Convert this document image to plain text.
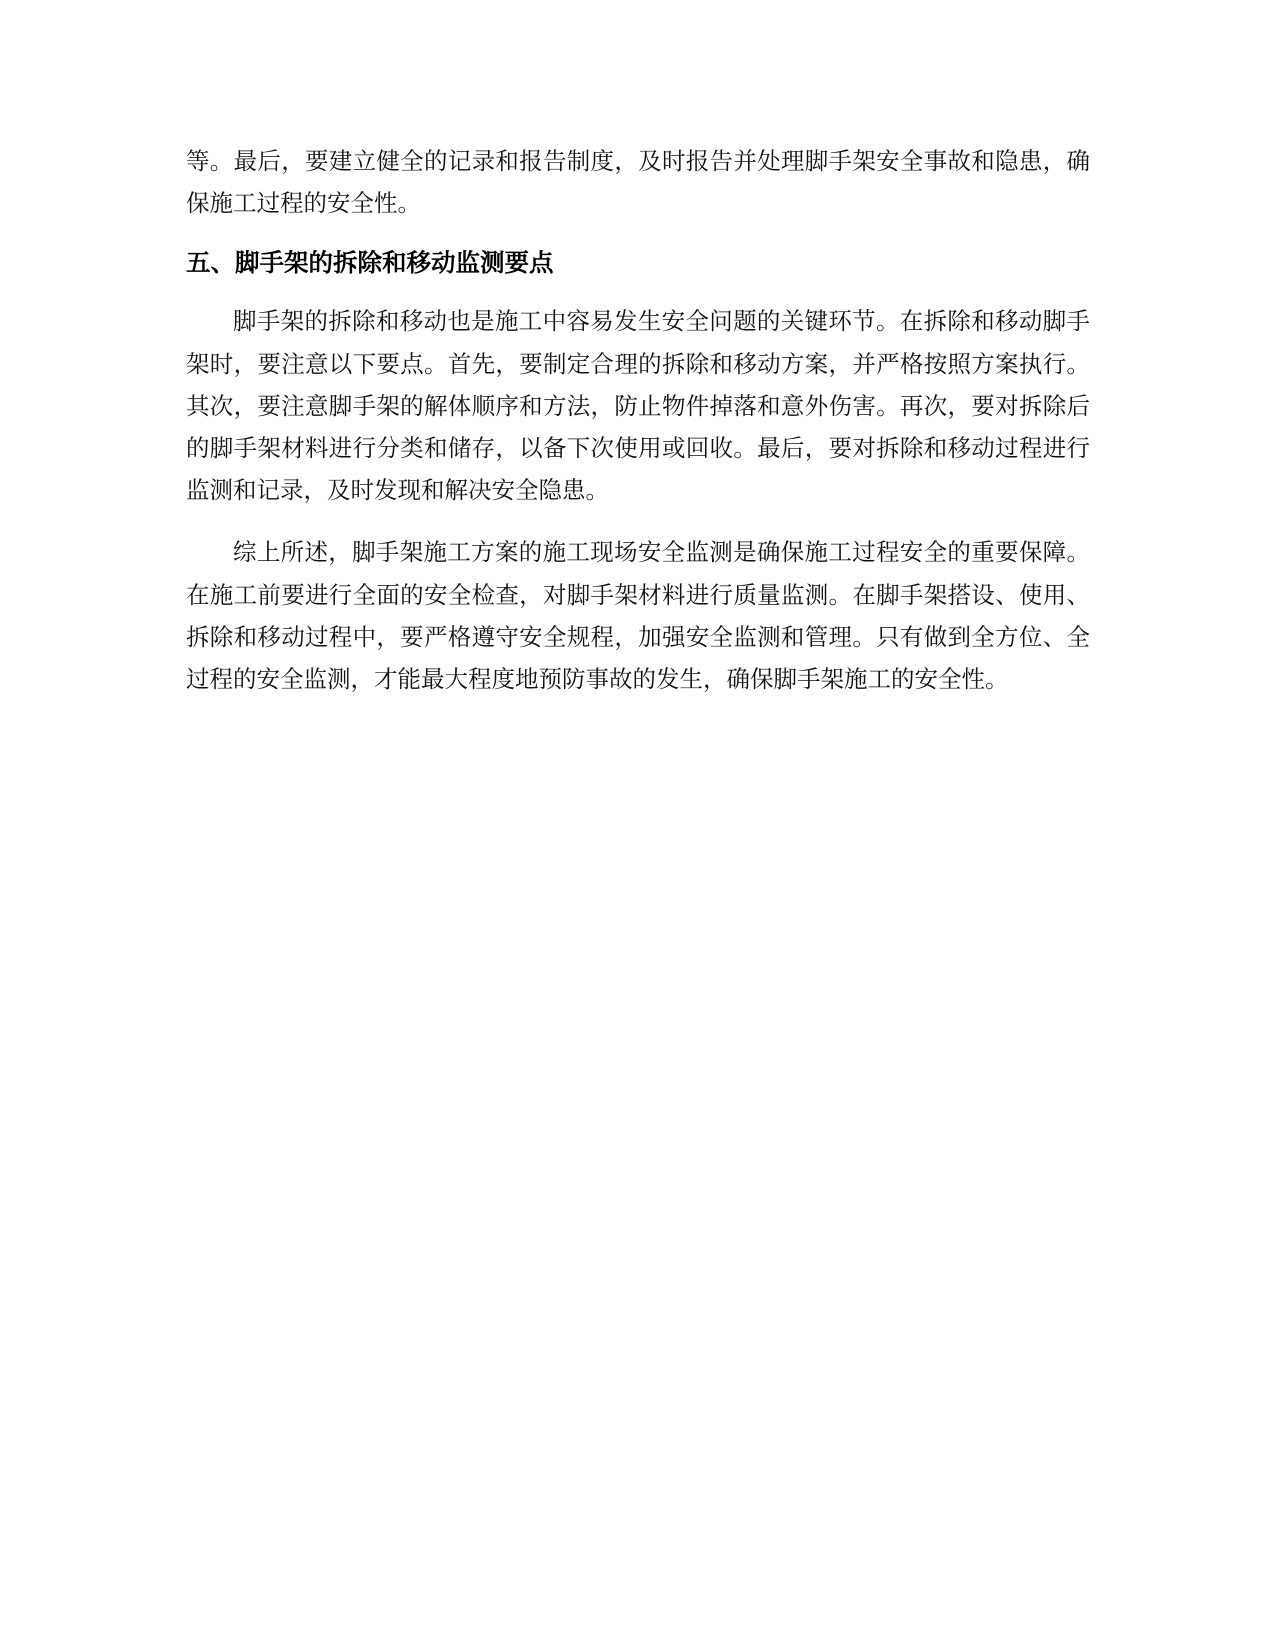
等。最后，要建立健全的记录和报告制度，及时报告并处理脚手架安全事故和隐患，确保施工过程的安全性。

五、脚手架的拆除和移动监测要点

脚手架的拆除和移动也是施工中容易发生安全问题的关键环节。在拆除和移动脚手架时，要注意以下要点。首先，要制定合理的拆除和移动方案，并严格按照方案执行。其次，要注意脚手架的解体顺序和方法，防止物件掉落和意外伤害。再次，要对拆除后的脚手架材料进行分类和储存，以备下次使用或回收。最后，要对拆除和移动过程进行监测和记录，及时发现和解决安全隐患。

综上所述，脚手架施工方案的施工现场安全监测是确保施工过程安全的重要保障。在施工前要进行全面的安全检查，对脚手架材料进行质量监测。在脚手架搭设、使用、拆除和移动过程中，要严格遵守安全规程，加强安全监测和管理。只有做到全方位、全过程的安全监测，才能最大程度地预防事故的发生，确保脚手架施工的安全性。
